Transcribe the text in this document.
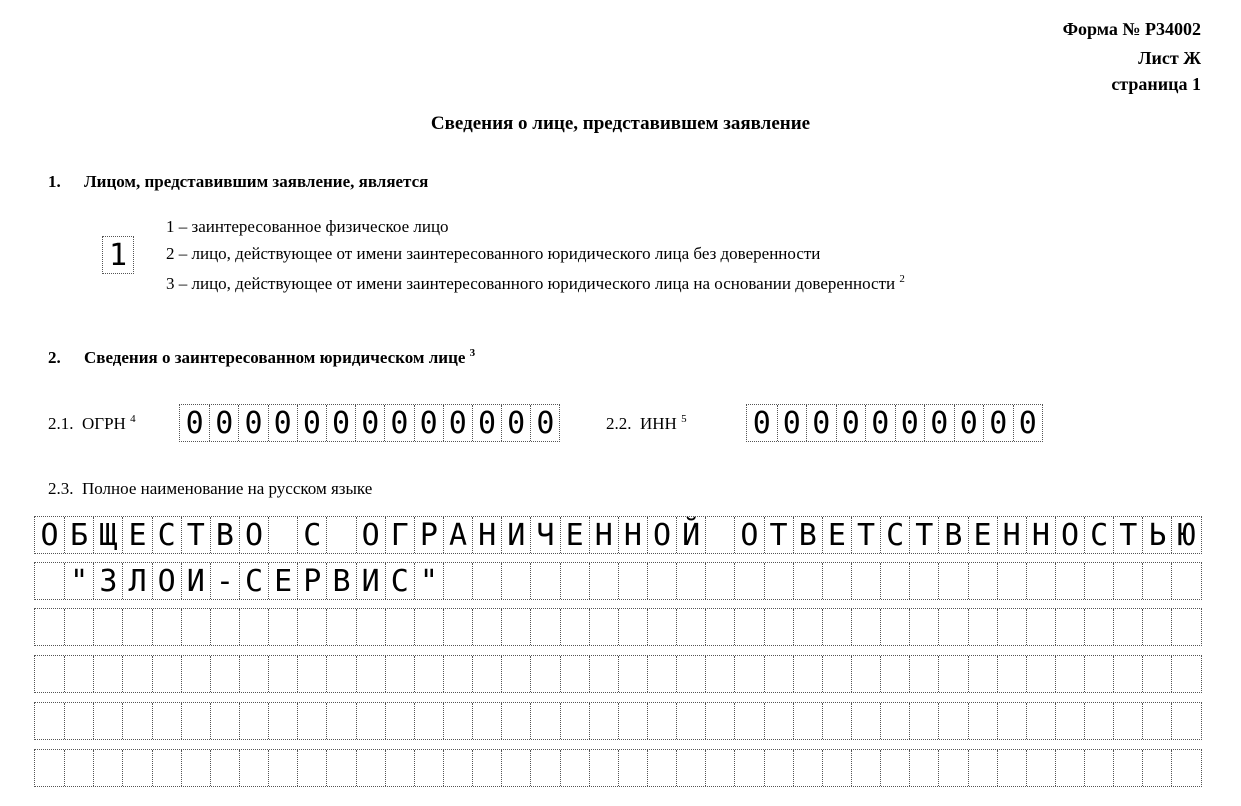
Форма № Р34002
Лист Ж
страница 1
Сведения о лице, представившем заявление
1. Лицом, представившим заявление, является
1
1 – заинтересованное физическое лицо
2 – лицо, действующее от имени заинтересованного юридического лица без доверенности
3 – лицо, действующее от имени заинтересованного юридического лица на основании доверенности $^2$
2. Сведения о заинтересованном юридическом лице $^3$
2.1. ОГРН $^4$ 0 0 0 0 0 0 0 0 0 0 0 0 0	2.2. ИНН $^5$ 0 0 0 0 0 0 0 0 0 0
2.3. Полное наименование на русском языке
О Б Щ Е С Т В О С О Г Р А Н И Ч Е Н Н О Й О Т В Е Т С Т В Е Н Н О С Т Ь Ю
" З Л О И - С Е Р В И С "
